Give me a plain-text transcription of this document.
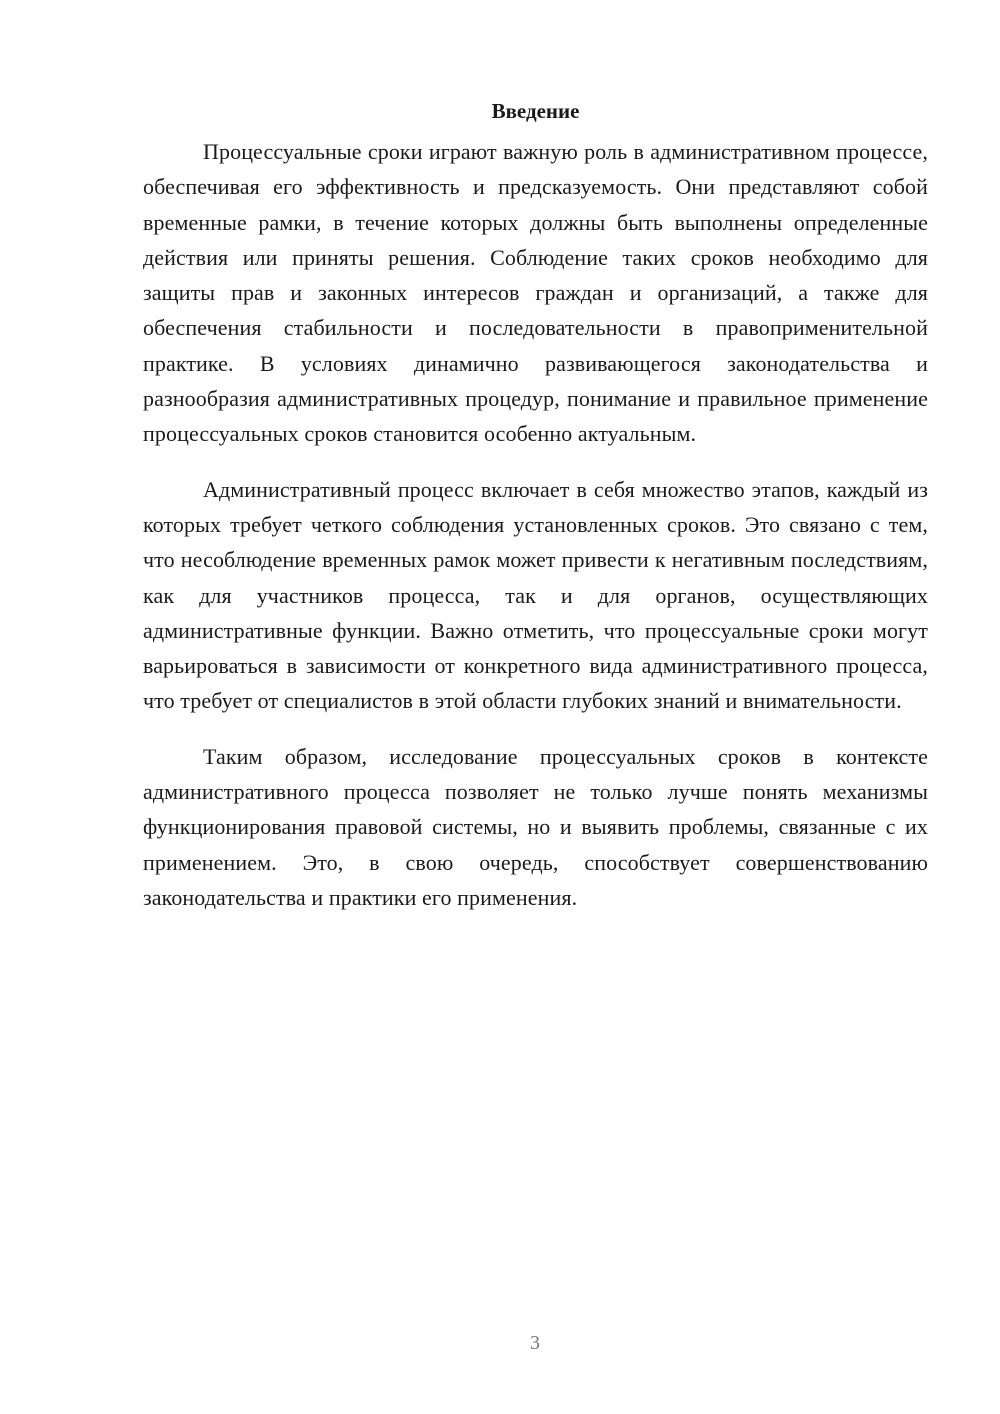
Введение

Процессуальные сроки играют важную роль в административном процессе, обеспечивая его эффективность и предсказуемость. Они представляют собой временные рамки, в течение которых должны быть выполнены определенные действия или приняты решения. Соблюдение таких сроков необходимо для защиты прав и законных интересов граждан и организаций, а также для обеспечения стабильности и последовательности в правоприменительной практике. В условиях динамично развивающегося законодательства и разнообразия административных процедур, понимание и правильное применение процессуальных сроков становится особенно актуальным.

Административный процесс включает в себя множество этапов, каждый из которых требует четкого соблюдения установленных сроков. Это связано с тем, что несоблюдение временных рамок может привести к негативным последствиям, как для участников процесса, так и для органов, осуществляющих административные функции. Важно отметить, что процессуальные сроки могут варьироваться в зависимости от конкретного вида административного процесса, что требует от специалистов в этой области глубоких знаний и внимательности.

Таким образом, исследование процессуальных сроков в контексте административного процесса позволяет не только лучше понять механизмы функционирования правовой системы, но и выявить проблемы, связанные с их применением. Это, в свою очередь, способствует совершенствованию законодательства и практики его применения.

3
